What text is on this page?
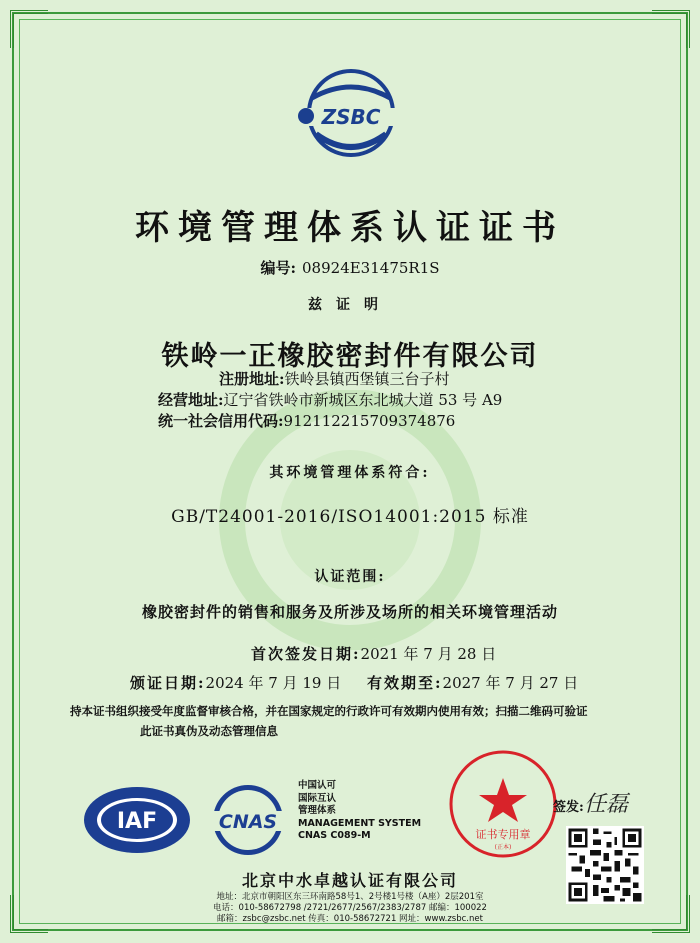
ZSBC
环境管理体系认证证书
编号: 08924E31475R1S
兹证明
铁岭一正橡胶密封件有限公司
注册地址:铁岭县镇西堡镇三台子村
经营地址:辽宁省铁岭市新城区东北城大道 53 号 A9
统一社会信用代码:912112215709374876
其环境管理体系符合:
GB/T24001-2016/ISO14001:2015 标准
认证范围:
橡胶密封件的销售和服务及所涉及场所的相关环境管理活动
首次签发日期:2021 年 7 月 28 日
颁证日期:2024 年 7 月 19 日 有效期至:2027 年 7 月 27 日
持本证书组织接受年度监督审核合格，并在国家规定的行政许可有效期内使用有效；扫描二维码可验证
此证书真伪及动态管理信息
IAF	CNAS
中国认可
国际互认
管理体系
MANAGEMENT SYSTEM
CNAS C089-M	证书专用章
(正本)
签发: 任磊
北京中水卓越认证有限公司
地址：北京市朝阳区东三环南路58号1、2号楼1号楼（A座）2层201室
电话：010-58672798 /2721/2677/2567/2383/2787 邮编：100022
邮箱：zsbc@zsbc.net 传真：010-58672721 网址：www.zsbc.net
